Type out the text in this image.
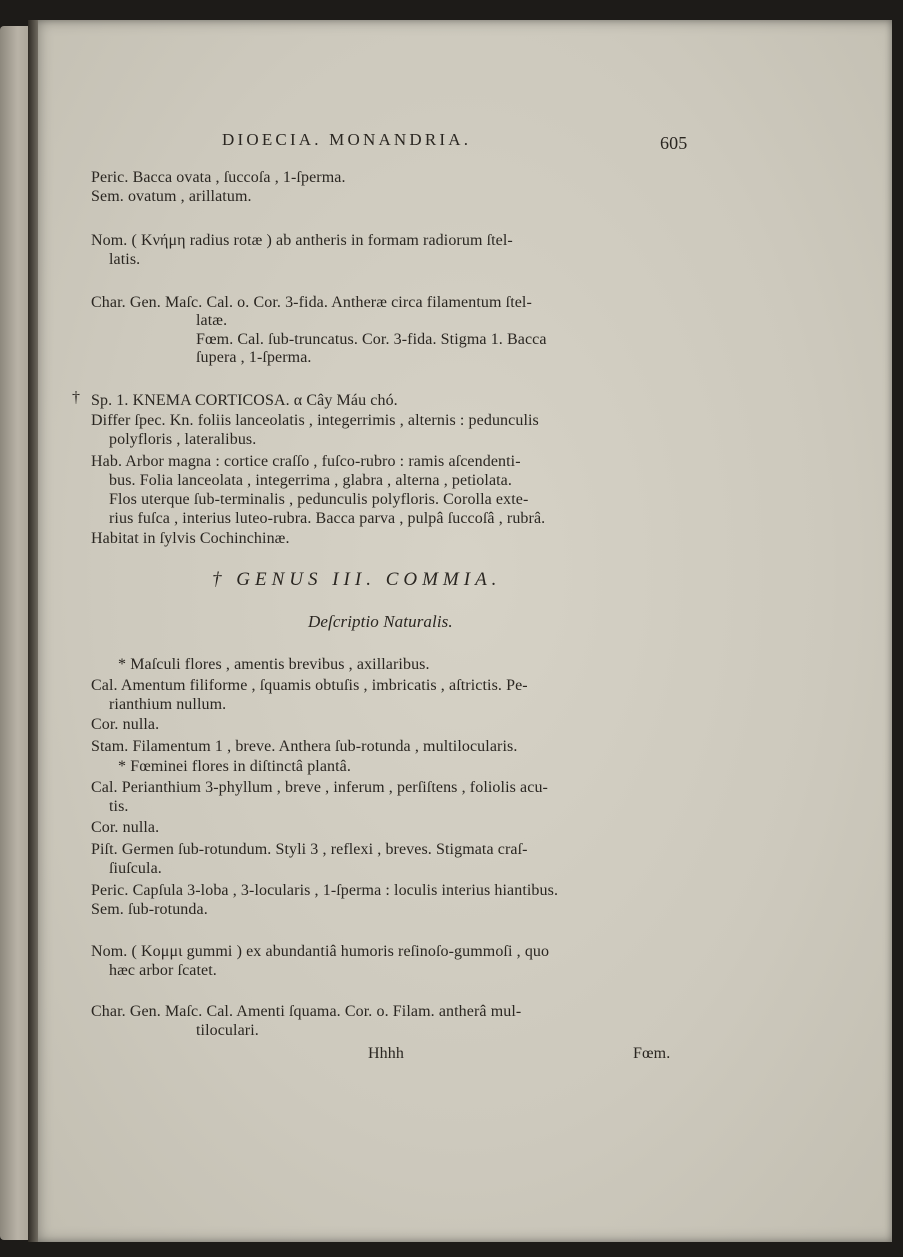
DIOECIA. MONANDRIA.	605
Peric. Bacca ovata , ſuccoſa , 1-ſperma.
Sem. ovatum , arillatum.
Nom. ( Κνήμη radius rotæ ) ab antheris in formam radiorum ſtel-
latis.
Char. Gen. Maſc. Cal. o. Cor. 3-fida. Antheræ circa filamentum ſtel-
latæ.
Fœm. Cal. ſub-truncatus. Cor. 3-fida. Stigma 1. Bacca
ſupera , 1-ſperma.
Sp. 1. KNEMA CORTICOSA. α Cây Máu chó.
Differ ſpec. Kn. foliis lanceolatis , integerrimis , alternis : pedunculis
polyfloris , lateralibus.
Hab. Arbor magna : cortice craſſo , fuſco-rubro : ramis aſcendenti-
bus. Folia lanceolata , integerrima , glabra , alterna , petiolata.
Flos uterque ſub-terminalis , pedunculis polyfloris. Corolla exte-
rius fuſca , interius luteo-rubra. Bacca parva , pulpâ ſuccoſâ , rubrâ.
Habitat in ſylvis Cochinchinæ.
* Maſculi flores , amentis brevibus , axillaribus.
Cal. Amentum filiforme , ſquamis obtuſis , imbricatis , aſtrictis. Pe-
rianthium nullum.
Cor. nulla.
Stam. Filamentum 1 , breve. Anthera ſub-rotunda , multilocularis.
* Fœminei flores in diſtinctâ plantâ.
Cal. Perianthium 3-phyllum , breve , inferum , perſiſtens , foliolis acu-
tis.
Cor. nulla.
Piſt. Germen ſub-rotundum. Styli 3 , reflexi , breves. Stigmata craſ-
ſiuſcula.
Peric. Capſula 3-loba , 3-locularis , 1-ſperma : loculis interius hiantibus.
Sem. ſub-rotunda.
Nom. ( Κομμι gummi ) ex abundantiâ humoris reſinoſo-gummoſi , quo
hæc arbor ſcatet.
Char. Gen. Maſc. Cal. Amenti ſquama. Cor. o. Filam. antherâ mul-
tiloculari.
†
† GENUS III. COMMIA.
Deſcriptio Naturalis.
Hhhh	Fœm.
